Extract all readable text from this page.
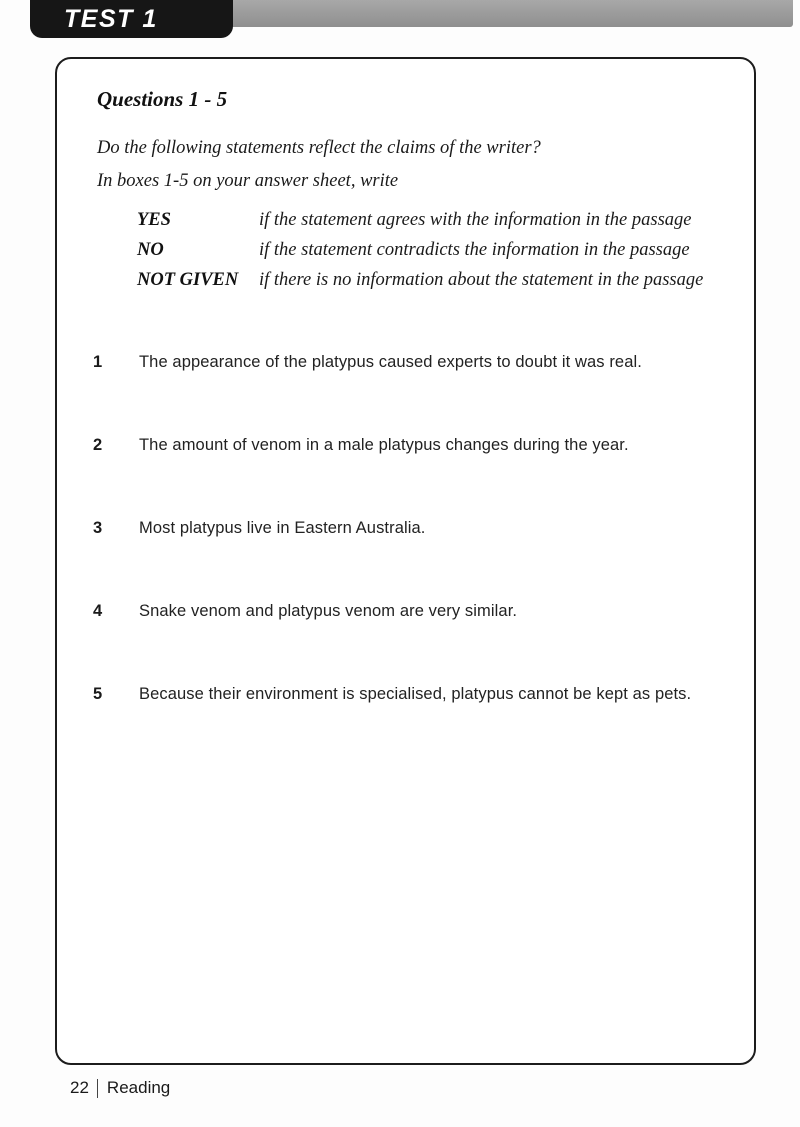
TEST 1
Questions 1 - 5
Do the following statements reflect the claims of the writer?
In boxes 1-5 on your answer sheet, write
YES	if the statement agrees with the information in the passage
NO	if the statement contradicts the information in the passage
NOT GIVEN	if there is no information about the statement in the passage
1	The appearance of the platypus caused experts to doubt it was real.
2	The amount of venom in a male platypus changes during the year.
3	Most platypus live in Eastern Australia.
4	Snake venom and platypus venom are very similar.
5	Because their environment is specialised, platypus cannot be kept as pets.
22 Reading
